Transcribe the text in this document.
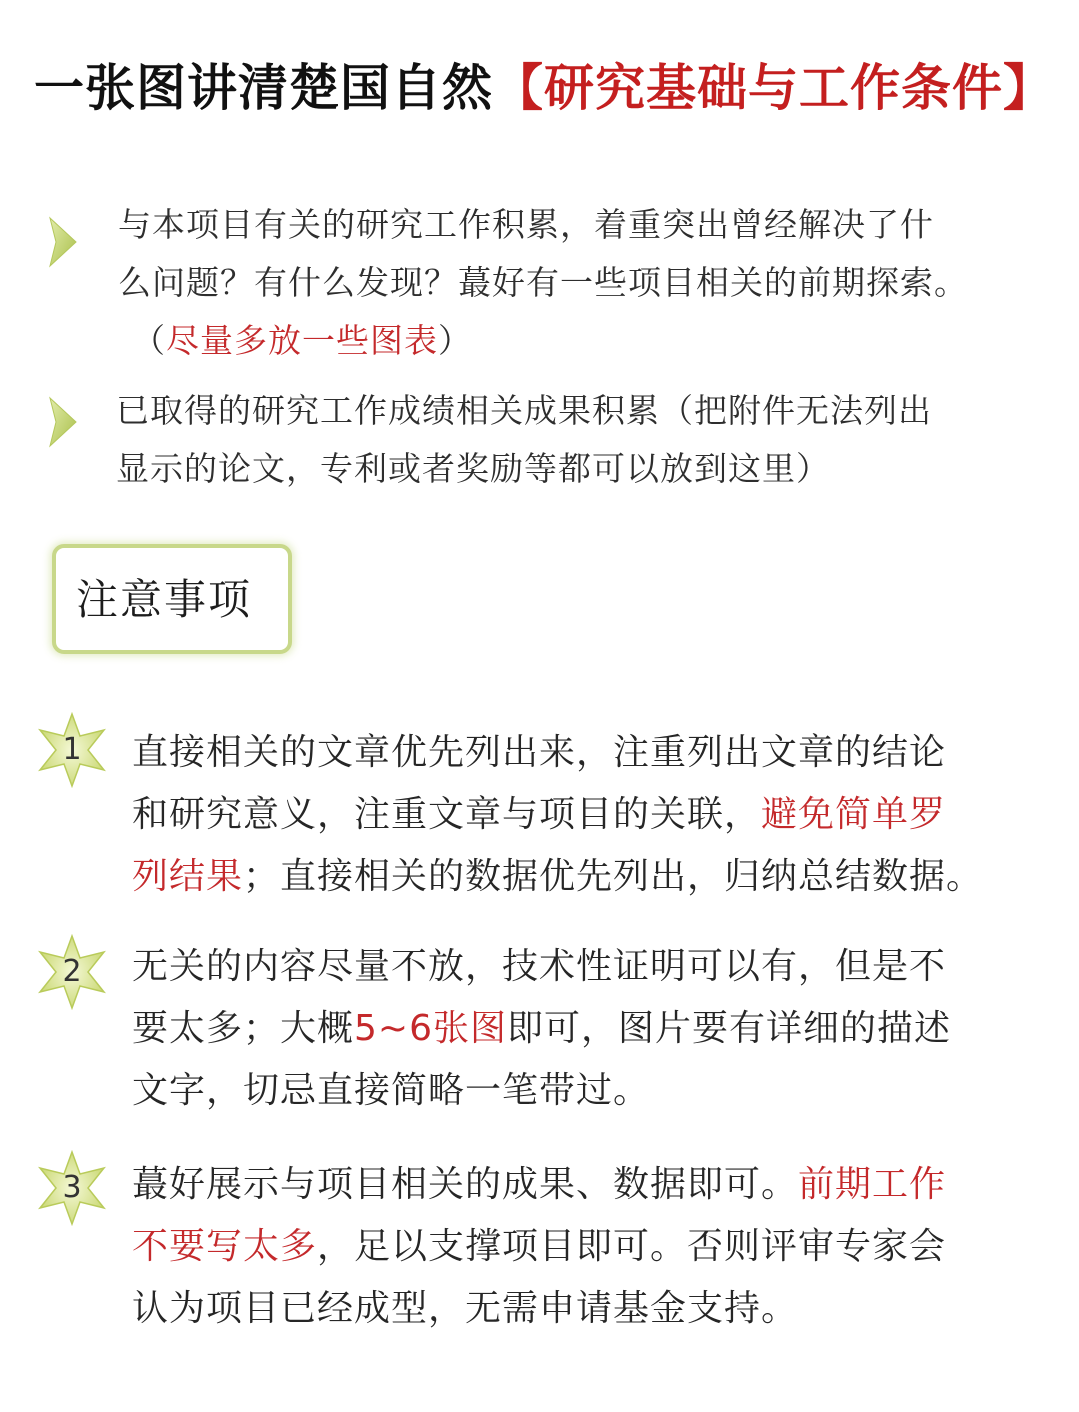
一张图讲清楚国自然【研究基础与工作条件】
与本项目有关的研究工作积累，着重突出曾经解决了什
么问题？有什么发现？蕞好有一些项目相关的前期探索。
（尽量多放一些图表）
已取得的研究工作成绩相关成果积累（把附件无法列出
显示的论文，专利或者奖励等都可以放到这里）
注意事项
1	直接相关的文章优先列出来，注重列出文章的结论
和研究意义，注重文章与项目的关联，避免简单罗
列结果；直接相关的数据优先列出，归纳总结数据。
2	无关的内容尽量不放，技术性证明可以有，但是不
要太多；大概5~6张图即可，图片要有详细的描述
文字，切忌直接简略一笔带过。
3	蕞好展示与项目相关的成果、数据即可。前期工作
不要写太多，足以支撑项目即可。否则评审专家会
认为项目已经成型，无需申请基金支持。
